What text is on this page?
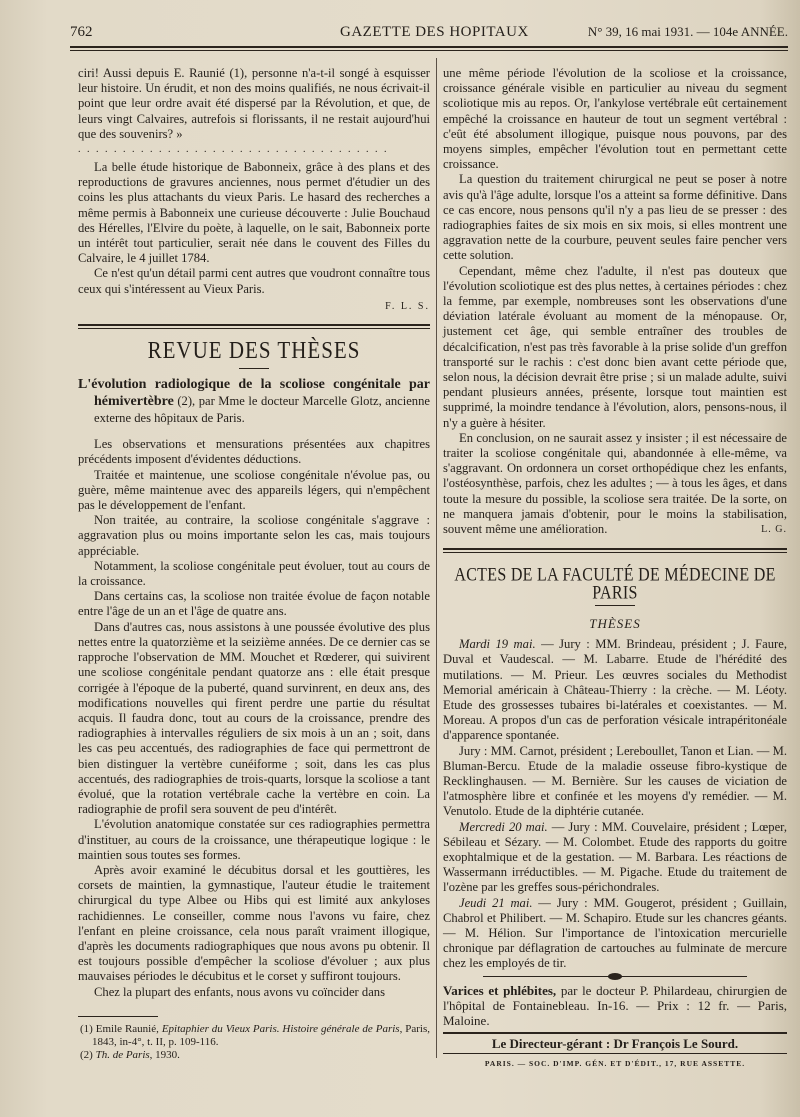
762	GAZETTE DES HOPITAUX	N° 39, 16 mai 1931. — 104e ANNÉE.

ciri! Aussi depuis E. Raunié (1), personne n'a-t-il songé à esquisser leur histoire. Un érudit, et non des moins qualifiés, ne nous écrivait-il point que leur ordre avait été dispersé par la Révolution, et que, de leurs vingt Calvaires, autrefois si florissants, il ne restait aujourd'hui que des souvenirs? »

. . . . . . . . . . . . . . . . . . . . . . . . . . . . . . . . . . .

La belle étude historique de Babonneix, grâce à des plans et des reproductions de gravures anciennes, nous permet d'étudier un des coins les plus attachants du vieux Paris. Le hasard des recherches a même permis à Babonneix une curieuse découverte : Julie Bouchaud des Hérelles, l'Elvire du poète, à laquelle, on le sait, Babonneix porte un intérêt tout particulier, serait née dans le couvent des Filles du Calvaire, le 4 juillet 1784.

Ce n'est qu'un détail parmi cent autres que voudront connaître tous ceux qui s'intéressent au Vieux Paris.

F. L. S.
REVUE DES THÈSES
L'évolution radiologique de la scoliose congénitale par hémivertèbre (2), par Mme le docteur Marcelle Glotz, ancienne externe des hôpitaux de Paris.

Les observations et mensurations présentées aux chapitres précédents imposent d'évidentes déductions.

Traitée et maintenue, une scoliose congénitale n'évolue pas, ou guère, même maintenue avec des appareils légers, qui n'empêchent pas le développement de l'enfant.

Non traitée, au contraire, la scoliose congénitale s'aggrave : aggravation plus ou moins importante selon les cas, mais toujours appréciable.

Notamment, la scoliose congénitale peut évoluer, tout au cours de la croissance.

Dans certains cas, la scoliose non traitée évolue de façon notable entre l'âge de un an et l'âge de quatre ans.

Dans d'autres cas, nous assistons à une poussée évolutive des plus nettes entre la quatorzième et la seizième années. De ce dernier cas se rapproche l'observation de MM. Mouchet et Rœderer, qui suivirent une scoliose congénitale pendant quatorze ans : elle était presque corrigée à l'époque de la puberté, quand survinrent, en deux ans, des modifications nouvelles qui firent perdre une partie du résultat acquis. Il faudra donc, tout au cours de la croissance, prendre des radiographies à intervalles réguliers de six mois à un an ; soit, dans les cas peu accentués, des radiographies de face qui permettront de bien distinguer la vertèbre cunéiforme ; soit, dans les cas plus accentués, des radiographies de trois-quarts, lorsque la scoliose a tant évolué, que la rotation vertébrale cache la vertèbre en coin. La radiographie de profil sera souvent de peu d'intérêt.

L'évolution anatomique constatée sur ces radiographies permettra d'instituer, au cours de la croissance, une thérapeutique logique : le maintien sous toutes ses formes.

Après avoir examiné le décubitus dorsal et les gouttières, les corsets de maintien, la gymnastique, l'auteur étudie le traitement chirurgical du type Albee ou Hibs qui est limité aux ankyloses rachidiennes. Le conseiller, comme nous l'avons vu faire, chez l'enfant en pleine croissance, cela nous paraît vraiment illogique, d'après les documents radiographiques que nous avons pu obtenir. Il est toujours possible d'empêcher la scoliose d'évoluer ; aux plus mauvaises périodes le décubitus et le corset y suffiront toujours.

Chez la plupart des enfants, nous avons vu coïncider dans

(1) Emile Raunié, Epitaphier du Vieux Paris. Histoire générale de Paris, Paris, 1843, in-4°, t. II, p. 109-116.
(2) Th. de Paris, 1930.

une même période l'évolution de la scoliose et la croissance, croissance générale visible en particulier au niveau du segment scoliotique mis au repos. Or, l'ankylose vertébrale eût certainement empêché la croissance en hauteur de tout un segment vertébral : c'eût été absolument illogique, puisque nous pouvons, par des moyens simples, empêcher l'évolution tout en permettant cette croissance.

La question du traitement chirurgical ne peut se poser à notre avis qu'à l'âge adulte, lorsque l'os a atteint sa forme définitive. Dans ce cas encore, nous pensons qu'il n'y a pas lieu de se presser : des radiographies faites de six mois en six mois, si elles montrent une aggravation nette de la courbure, peuvent seules faire pencher vers cette solution.

Cependant, même chez l'adulte, il n'est pas douteux que l'évolution scoliotique est des plus nettes, à certaines périodes : chez la femme, par exemple, nombreuses sont les observations d'une déviation latérale évoluant au moment de la ménopause. Or, justement cet âge, qui semble entraîner des troubles de décalcification, n'est pas très favorable à la prise solide d'un greffon transporté sur le rachis : c'est donc bien avant cette période que, selon nous, la décision devrait être prise ; si un malade adulte, suivi pendant plusieurs années, présente, lorsque tout maintien est supprimé, la moindre tendance à l'évolution, alors, pensons-nous, il n'y a guère à hésiter.

En conclusion, on ne saurait assez y insister ; il est nécessaire de traiter la scoliose congénitale qui, abandonnée à elle-même, va s'aggravant. On ordonnera un corset orthopédique chez les enfants, l'ostéosynthèse, parfois, chez les adultes ; — à tous les âges, et dans toute la mesure du possible, la scoliose sera traitée. De la sorte, on ne manquera jamais d'obtenir, pour le moins la stabilisation, souvent même une amélioration.	L. G.
ACTES DE LA FACULTÉ DE MÉDECINE DE PARIS
THÈSES

Mardi 19 mai. — Jury : MM. Brindeau, président ; J. Faure, Duval et Vaudescal. — M. Labarre. Etude de l'hérédité des mutilations. — M. Prieur. Les œuvres sociales du Methodist Memorial américain à Château-Thierry : la crèche. — M. Léoty. Etude des grossesses tubaires bi-latérales et coexistantes. — M. Moreau. A propos d'un cas de perforation vésicale intrapéritonéale d'apparence spontanée.

Jury : MM. Carnot, président ; Lereboullet, Tanon et Lian. — M. Bluman-Bercu. Etude de la maladie osseuse fibro-kystique de Recklinghausen. — M. Bernière. Sur les causes de viciation de l'atmosphère libre et confinée et les moyens d'y remédier. — M. Venutolo. Etude de la diphtérie cutanée.

Mercredi 20 mai. — Jury : MM. Couvelaire, président ; Lœper, Sébileau et Sézary. — M. Colombet. Etude des rapports du goitre exophtalmique et de la gestation. — M. Barbara. Les réactions de Wassermann irréductibles. — M. Pigache. Etude du traitement de l'ozène par les greffes sous-périchondrales.

Jeudi 21 mai. — Jury : MM. Gougerot, président ; Guillain, Chabrol et Philibert. — M. Schapiro. Etude sur les chancres géants. — M. Hélion. Sur l'importance de l'intoxication mercurielle chronique par déflagration de cartouches au fulminate de mercure chez les employés de tir.

Varices et phlébites, par le docteur P. Philardeau, chirurgien de l'hôpital de Fontainebleau. In-16. — Prix : 12 fr. — Paris, Maloine.

Le Directeur-gérant : Dr François Le Sourd.
PARIS. — SOC. D'IMP. GÉN. ET D'ÉDIT., 17, RUE ASSETTE.
